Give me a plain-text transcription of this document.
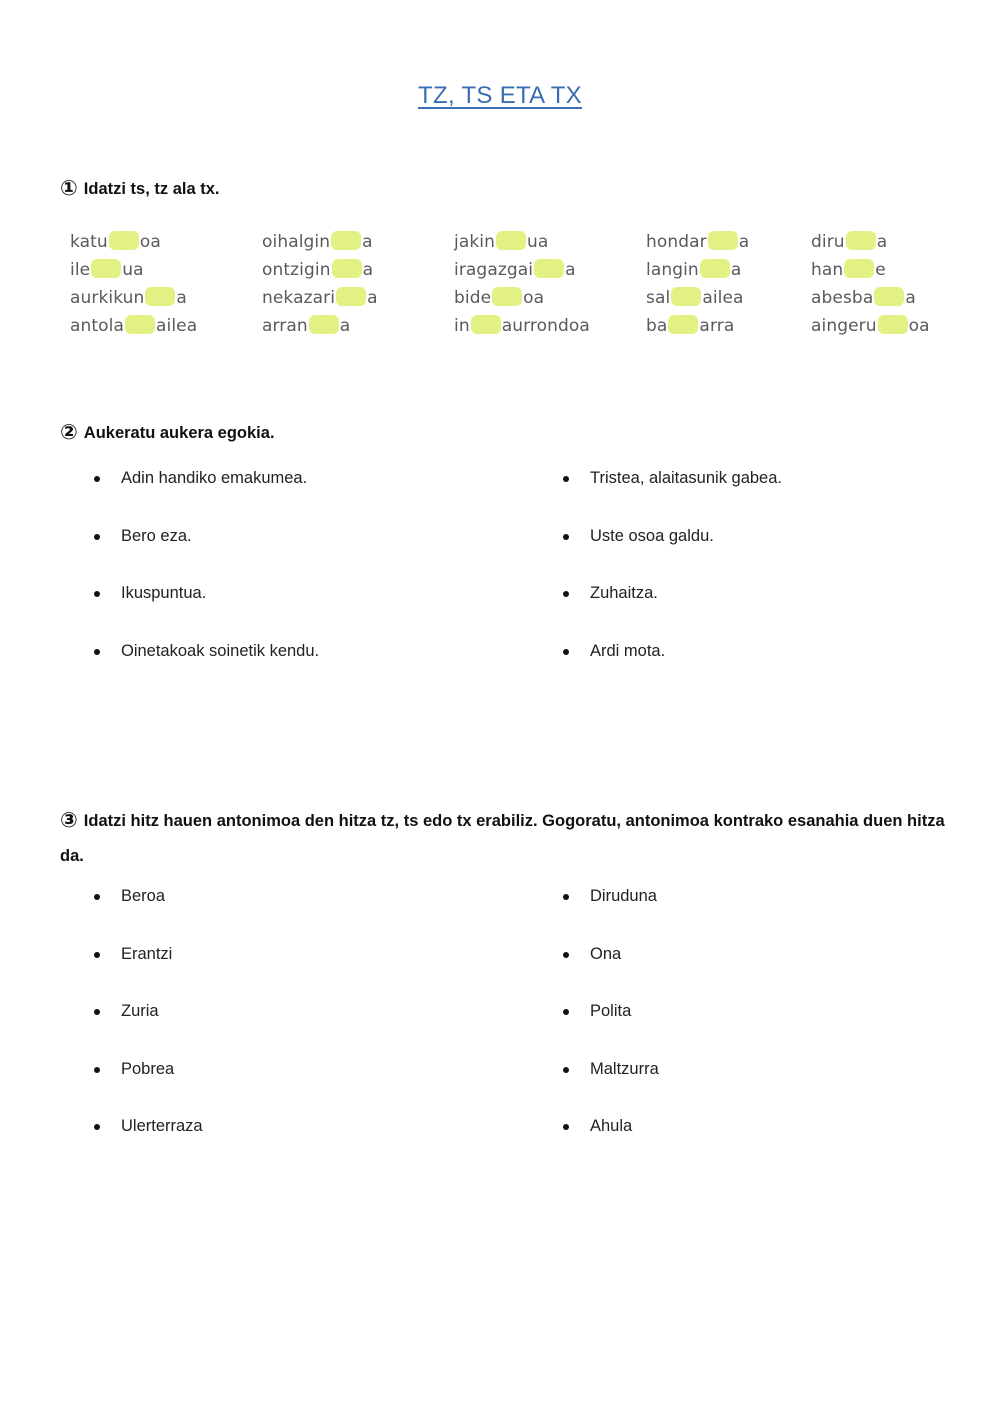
TZ, TS ETA TX
① Idatzi ts, tz ala tx.
katu oa
ile ua
aurkikun a
antola ailea
oihalgin a
ontzigin a
nekazari a
arran a
jakin ua
iragazgai a
bide oa
in aurrondoa
hondar a
langin a
sal ailea
ba arra
diru a
han e
abesba a
aingeru oa
② Aukeratu aukera egokia.
Adin handiko emakumea.
Bero eza.
Ikuspuntua.
Oinetakoak soinetik kendu.
Tristea, alaitasunik gabea.
Uste osoa galdu.
Zuhaitza.
Ardi mota.
③ Idatzi hitz hauen antonimoa den hitza tz, ts edo tx erabiliz. Gogoratu, antonimoa kontrako esanahia duen hitza da.
Beroa
Erantzi
Zuria
Pobrea
Ulerterraza
Diruduna
Ona
Polita
Maltzurra
Ahula
